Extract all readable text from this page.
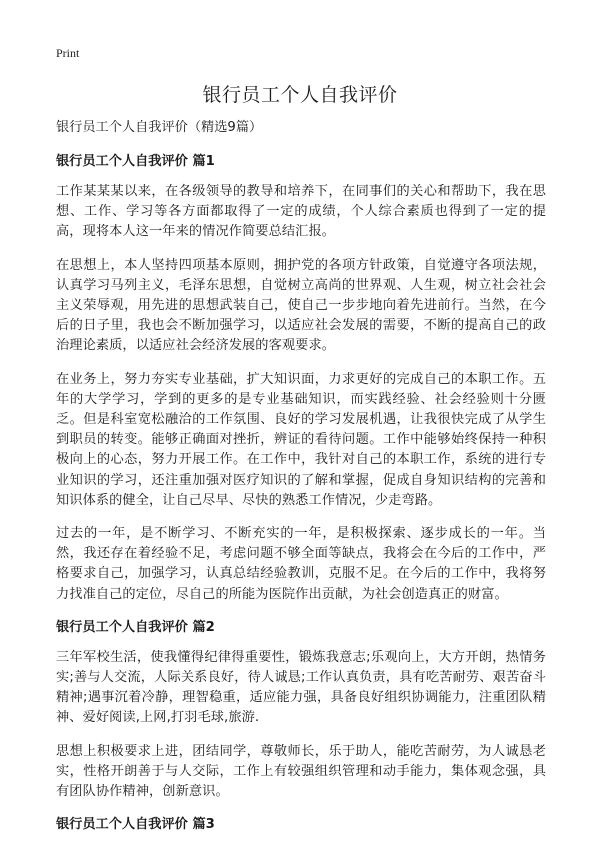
Print
银行员工个人自我评价

银行员工个人自我评价（精选9篇）

银行员工个人自我评价 篇1

工作某某某以来，在各级领导的教导和培养下，在同事们的关心和帮助下，我在思想、工作、学习等各方面都取得了一定的成绩，个人综合素质也得到了一定的提高，现将本人这一年来的情况作简要总结汇报。

在思想上，本人坚持四项基本原则，拥护党的各项方针政策，自觉遵守各项法规，认真学习马列主义，毛泽东思想，自觉树立高尚的世界观、人生观，树立社会社会主义荣辱观，用先进的思想武装自己，使自己一步步地向着先进前行。当然，在今后的日子里，我也会不断加强学习，以适应社会发展的需要，不断的提高自己的政治理论素质，以适应社会经济发展的客观要求。

在业务上，努力夯实专业基础，扩大知识面，力求更好的完成自己的本职工作。五年的大学学习，学到的更多的是专业基础知识，而实践经验、社会经验则十分匮乏。但是科室宽松融洽的工作氛围、良好的学习发展机遇，让我很快完成了从学生到职员的转变。能够正确面对挫折，辨证的看待问题。工作中能够始终保持一种积极向上的心态，努力开展工作。在工作中，我针对自己的本职工作，系统的进行专业知识的学习，还注重加强对医疗知识的了解和掌握，促成自身知识结构的完善和知识体系的健全，让自己尽早、尽快的熟悉工作情况，少走弯路。

过去的一年，是不断学习、不断充实的一年，是积极探索、逐步成长的一年。当然，我还存在着经验不足，考虑问题不够全面等缺点，我将会在今后的工作中，严格要求自己，加强学习，认真总结经验教训，克服不足。在今后的工作中，我将努力找准自己的定位，尽自己的所能为医院作出贡献，为社会创造真正的财富。

银行员工个人自我评价 篇2

三年军校生活，使我懂得纪律得重要性，锻炼我意志;乐观向上，大方开朗，热情务实;善与人交流，人际关系良好，待人诚恳;工作认真负责，具有吃苦耐劳、艰苦奋斗精神;遇事沉着冷静，理智稳重，适应能力强，具备良好组织协调能力，注重团队精神、爱好阅读,上网,打羽毛球,旅游.

思想上积极要求上进，团结同学，尊敬师长，乐于助人，能吃苦耐劳，为人诚恳老实，性格开朗善于与人交际，工作上有较强组织管理和动手能力，集体观念强，具有团队协作精神，创新意识。

银行员工个人自我评价 篇3
